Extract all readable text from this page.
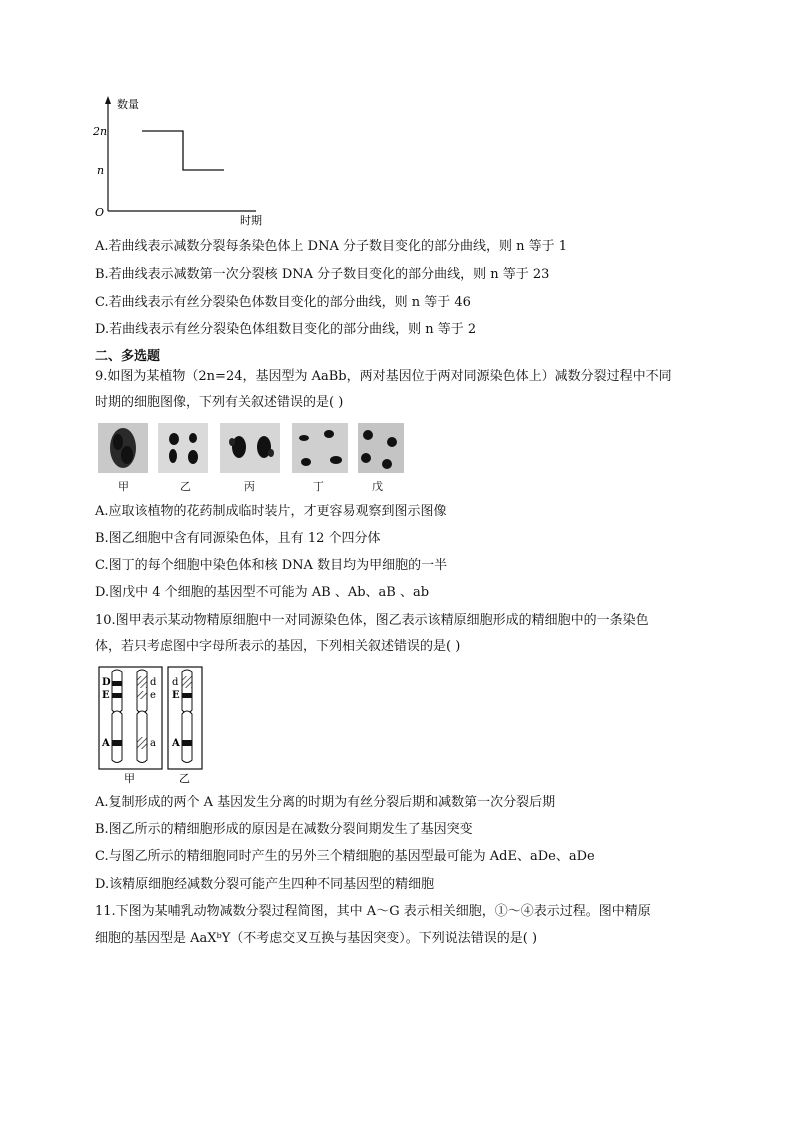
数量
2n
n
O
时期
A.若曲线表示减数分裂每条染色体上 DNA 分子数目变化的部分曲线，则 n 等于 1
B.若曲线表示减数第一次分裂核 DNA 分子数目变化的部分曲线，则 n 等于 23
C.若曲线表示有丝分裂染色体数目变化的部分曲线，则 n 等于 46
D.若曲线表示有丝分裂染色体组数目变化的部分曲线，则 n 等于 2
二、多选题
9.如图为某植物（2n=24，基因型为 AaBb，两对基因位于两对同源染色体上）减数分裂过程中不同
时期的细胞图像，下列有关叙述错误的是( )
甲	乙	丙	丁	戊
A.应取该植物的花药制成临时装片，才更容易观察到图示图像
B.图乙细胞中含有同源染色体，且有 12 个四分体
C.图丁的每个细胞中染色体和核 DNA 数目均为甲细胞的一半
D.图戊中 4 个细胞的基因型不可能为 AB 、Ab、aB 、ab
10.图甲表示某动物精原细胞中一对同源染色体，图乙表示该精原细胞形成的精细胞中的一条染色
体，若只考虑图中字母所表示的基因，下列相关叙述错误的是( )
D
E
A
d
e
a
d
E
A
甲	乙
A.复制形成的两个 A 基因发生分离的时期为有丝分裂后期和减数第一次分裂后期
B.图乙所示的精细胞形成的原因是在减数分裂间期发生了基因突变
C.与图乙所示的精细胞同时产生的另外三个精细胞的基因型最可能为 AdE、aDe、aDe
D.该精原细胞经减数分裂可能产生四种不同基因型的精细胞
11.下图为某哺乳动物减数分裂过程简图，其中 A～G 表示相关细胞，①～④表示过程。图中精原
细胞的基因型是 AaXᵇY（不考虑交叉互换与基因突变）。下列说法错误的是( )
